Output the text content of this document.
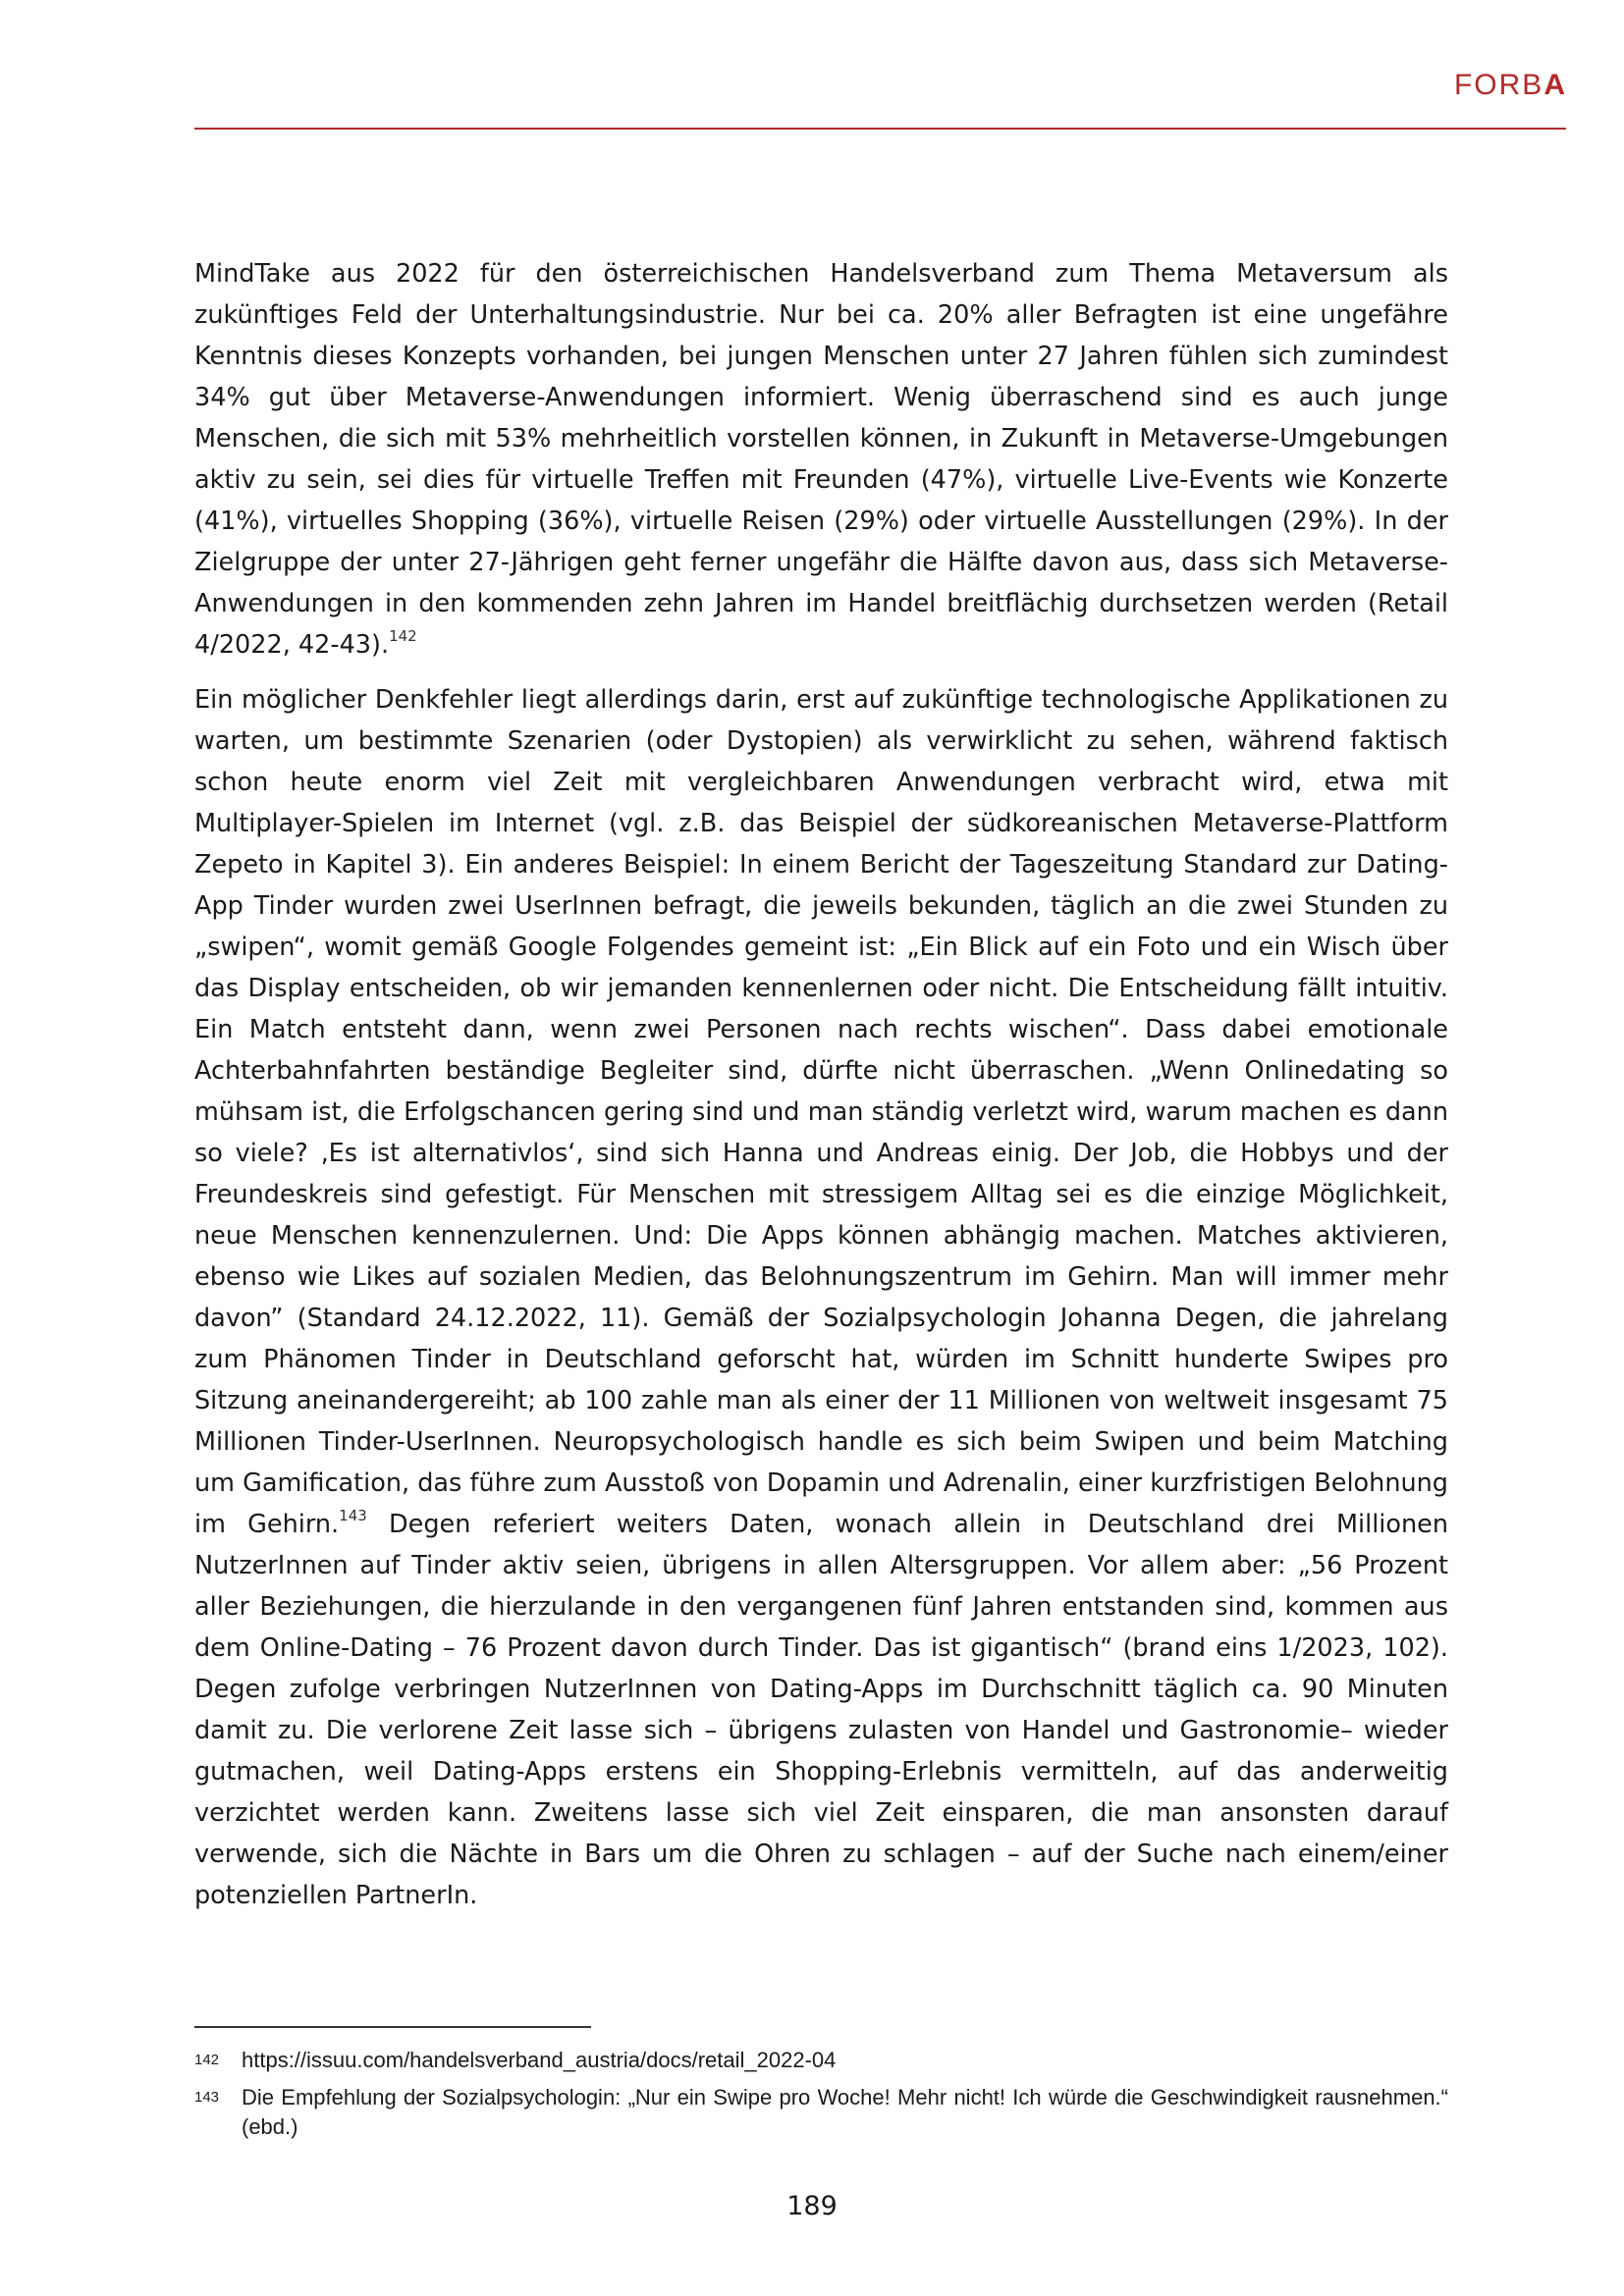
FORBA

MindTake aus 2022 für den österreichischen Handelsverband zum Thema Metaversum als zukünftiges Feld der Unterhaltungsindustrie. Nur bei ca. 20% aller Befragten ist eine ungefähre Kenntnis dieses Konzepts vorhanden, bei jungen Menschen unter 27 Jahren fühlen sich zumindest 34% gut über Metaverse-Anwendungen informiert. Wenig überraschend sind es auch junge Menschen, die sich mit 53% mehrheitlich vorstellen können, in Zukunft in Metaverse-Umgebungen aktiv zu sein, sei dies für virtuelle Treffen mit Freunden (47%), virtuelle Live-Events wie Konzerte (41%), virtuelles Shopping (36%), virtuelle Reisen (29%) oder virtuelle Ausstellungen (29%). In der Zielgruppe der unter 27-Jährigen geht ferner ungefähr die Hälfte davon aus, dass sich Metaverse-Anwendungen in den kommenden zehn Jahren im Handel breitflächig durchsetzen werden (Retail 4/2022, 42-43).$^{142}$

Ein möglicher Denkfehler liegt allerdings darin, erst auf zukünftige technologische Applikationen zu warten, um bestimmte Szenarien (oder Dystopien) als verwirklicht zu sehen, während faktisch schon heute enorm viel Zeit mit vergleichbaren Anwendungen verbracht wird, etwa mit Multiplayer-Spielen im Internet (vgl. z.B. das Beispiel der südkoreanischen Metaverse-Plattform Zepeto in Kapitel 3). Ein anderes Beispiel: In einem Bericht der Tageszeitung Standard zur Dating-App Tinder wurden zwei UserInnen befragt, die jeweils bekunden, täglich an die zwei Stunden zu „swipen“, womit gemäß Google Folgendes gemeint ist: „Ein Blick auf ein Foto und ein Wisch über das Display entscheiden, ob wir jemanden kennenlernen oder nicht. Die Entscheidung fällt intuitiv. Ein Match entsteht dann, wenn zwei Personen nach rechts wischen“. Dass dabei emotionale Achterbahnfahrten beständige Begleiter sind, dürfte nicht überraschen. „Wenn Onlinedating so mühsam ist, die Erfolgschancen gering sind und man ständig verletzt wird, warum machen es dann so viele? ‚Es ist alternativlos‘, sind sich Hanna und Andreas einig. Der Job, die Hobbys und der Freundeskreis sind gefestigt. Für Menschen mit stressigem Alltag sei es die einzige Möglichkeit, neue Menschen kennenzulernen. Und: Die Apps können abhängig machen. Matches aktivieren, ebenso wie Likes auf sozialen Medien, das Belohnungszentrum im Gehirn. Man will immer mehr davon” (Standard 24.12.2022, 11). Gemäß der Sozialpsychologin Johanna Degen, die jahrelang zum Phänomen Tinder in Deutschland geforscht hat, würden im Schnitt hunderte Swipes pro Sitzung aneinandergereiht; ab 100 zahle man als einer der 11 Millionen von weltweit insgesamt 75 Millionen Tinder-UserInnen. Neuropsychologisch handle es sich beim Swipen und beim Matching um Gamification, das führe zum Ausstoß von Dopamin und Adrenalin, einer kurzfristigen Belohnung im Gehirn.$^{143}$ Degen referiert weiters Daten, wonach allein in Deutschland drei Millionen NutzerInnen auf Tinder aktiv seien, übrigens in allen Altersgruppen. Vor allem aber: „56 Prozent aller Beziehungen, die hierzulande in den vergangenen fünf Jahren entstanden sind, kommen aus dem Online-Dating – 76 Prozent davon durch Tinder. Das ist gigantisch“ (brand eins 1/2023, 102). Degen zufolge verbringen NutzerInnen von Dating-Apps im Durchschnitt täglich ca. 90 Minuten damit zu. Die verlorene Zeit lasse sich – übrigens zulasten von Handel und Gastronomie– wieder gutmachen, weil Dating-Apps erstens ein Shopping-Erlebnis vermitteln, auf das anderweitig verzichtet werden kann. Zweitens lasse sich viel Zeit einsparen, die man ansonsten darauf verwende, sich die Nächte in Bars um die Ohren zu schlagen – auf der Suche nach einem/einer potenziellen PartnerIn.

142	https://issuu.com/handelsverband_austria/docs/retail_2022-04
143	Die Empfehlung der Sozialpsychologin: „Nur ein Swipe pro Woche! Mehr nicht! Ich würde die Geschwindigkeit rausnehmen.“ (ebd.)
189
